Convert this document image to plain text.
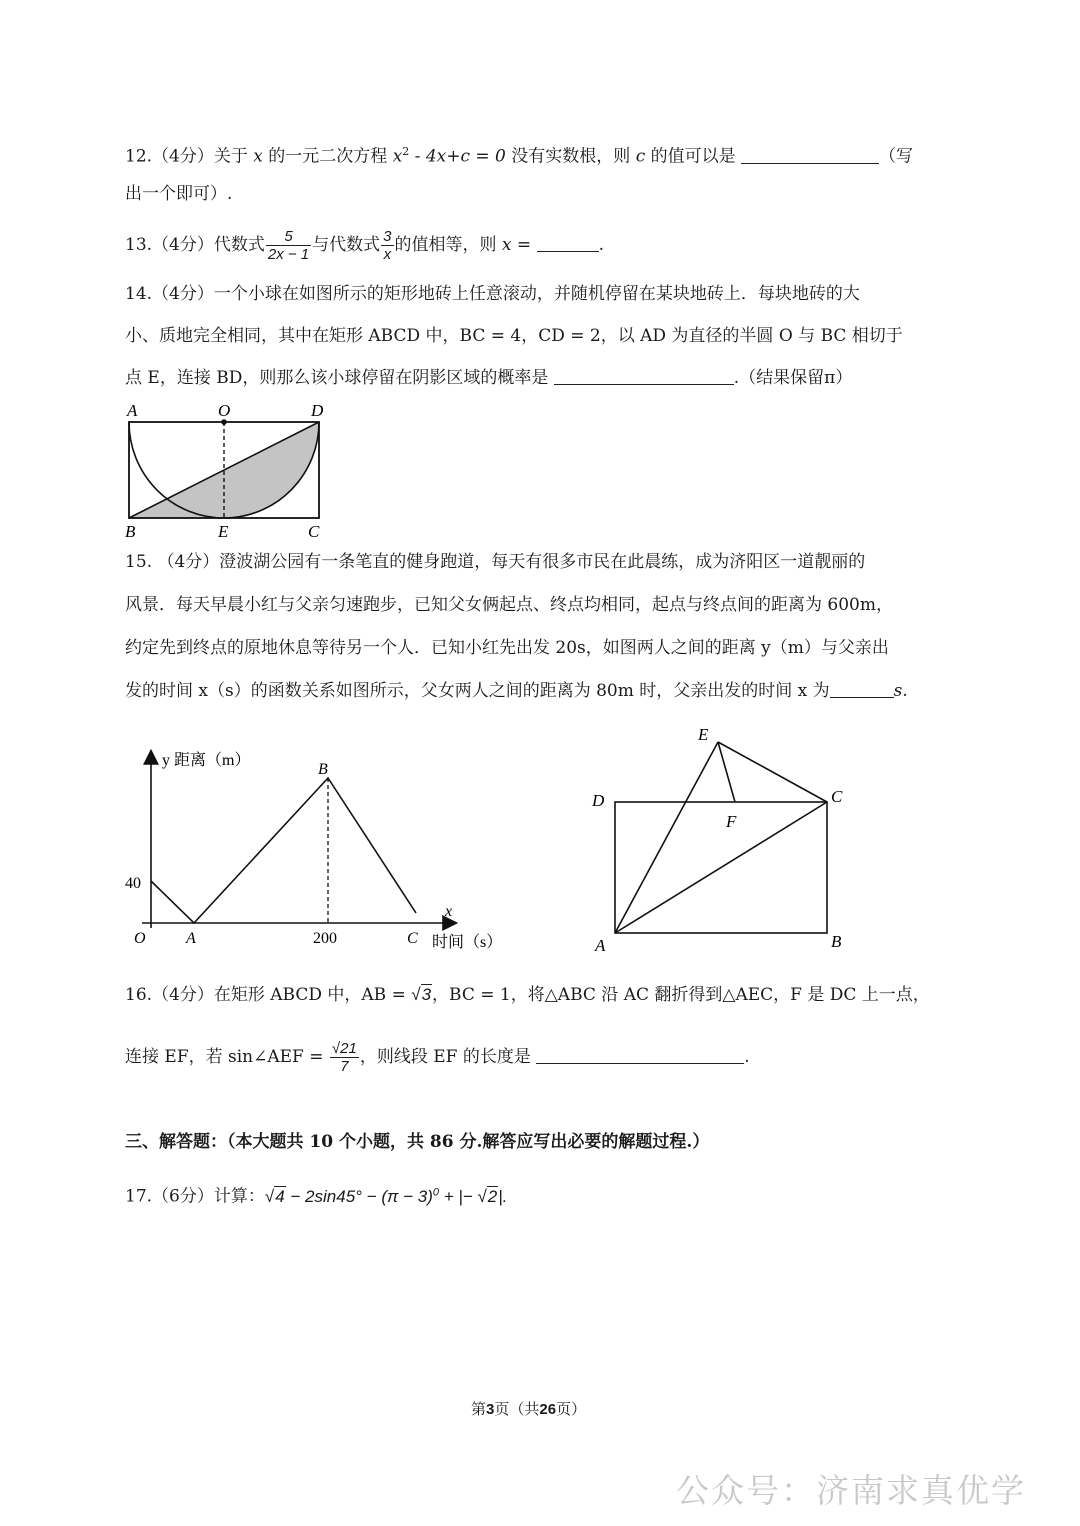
12.（4分）关于 x 的一元二次方程 $x^2 - 4x+c = 0$ 没有实数根，则 c 的值可以是	（写
出一个即可）.
13.（4分）代数式 $\frac{5}{2x - 1}$ 与代数式 $\frac{3}{x}$ 的值相等，则 x =	.
14.（4分）一个小球在如图所示的矩形地砖上任意滚动，并随机停留在某块地砖上．每块地砖的大
小、质地完全相同，其中在矩形 ABCD 中，BC = 4，CD = 2，以 AD 为直径的半圆 O 与 BC 相切于
点 E，连接 BD，则那么该小球停留在阴影区域的概率是	.（结果保留π）
A	O	D
B	E	C
15. （4分）澄波湖公园有一条笔直的健身跑道，每天有很多市民在此晨练，成为济阳区一道靓丽的
风景．每天早晨小红与父亲匀速跑步，已知父女俩起点、终点均相同，起点与终点间的距离为 600m，
约定先到终点的原地休息等待另一个人．已知小红先出发 20s，如图两人之间的距离 y（m）与父亲出
发的时间 x（s）的函数关系如图所示，父女两人之间的距离为 80m 时，父亲出发的时间 x 为	s.
y 距离（m）
x
时间（s）
O
40
A	200
B
C
E
D	C
F
A	B
16.（4分）在矩形 ABCD 中，AB = √3，BC = 1，将△ABC 沿 AC 翻折得到△AEC，F 是 DC 上一点，
连接 EF，若 sin∠AEF = $\frac{√21}{7}$ ，则线段 EF 的长度是	.
三、解答题：（本大题共 10 个小题，共 86 分.解答应写出必要的解题过程.）
17.（6分）计算：$√4 - 2\sin 45^\circ - (\pi - 3)^0$ + |− √2|.
第3页（共26页）
公众号：济南求真优学
